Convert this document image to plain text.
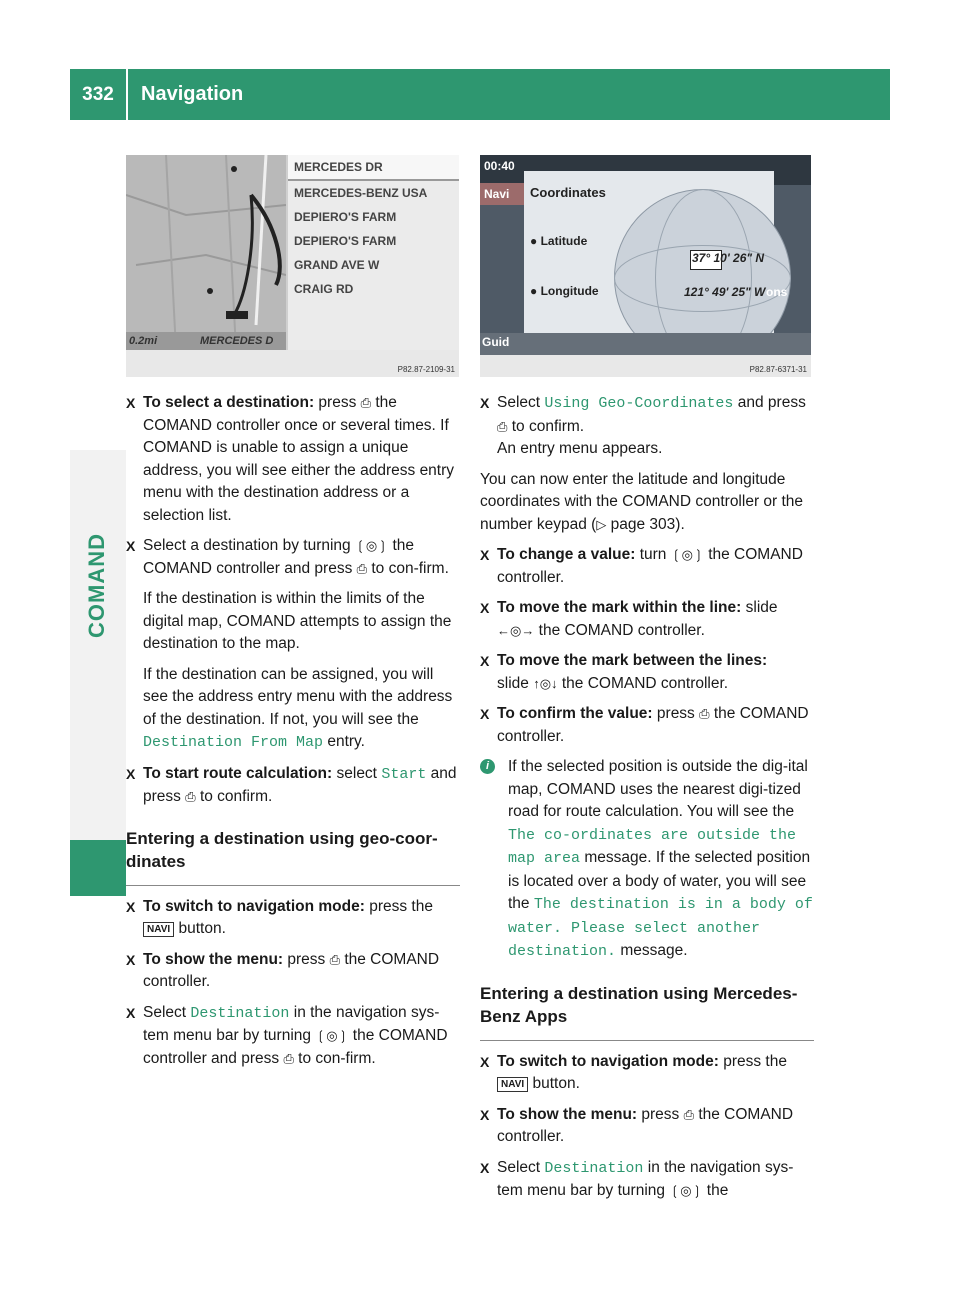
332	Navigation
COMAND
0.2mi	MERCEDES D
MERCEDES DR
MERCEDES-BENZ USA
DEPIERO'S FARM
DEPIERO'S FARM
GRAND AVE W
CRAIG RD
P82.87-2109-31
00:40
Navi	Coordinates
● Latitude
37° 10' 26" N
● Longitude	121° 49' 25" W ons
Guid
P82.87-6371-31
X To select a destination: press ⎙ the COMAND controller once or several times. If COMAND is unable to assign a unique address, you will see either the address entry menu with the destination address or a selection list.
X Select a destination by turning ❲◎❳ the COMAND controller and press ⎙ to con-firm.

If the destination is within the limits of the digital map, COMAND attempts to assign the destination to the map.

If the destination can be assigned, you will see the address entry menu with the address of the destination. If not, you will see the Destination From Map entry.

X To start route calculation: select Start and press ⎙ to confirm.
Entering a destination using geo-coor-dinates
X To switch to navigation mode: press the
NAVI button.
X To show the menu: press ⎙ the COMAND controller.
X Select Destination in the navigation sys-tem menu bar by turning ❲◎❳ the COMAND controller and press ⎙ to con-firm.
X Select Using Geo-Coordinates and press ⎙ to confirm.
An entry menu appears.

You can now enter the latitude and longitude coordinates with the COMAND controller or the number keypad (▷ page 303).

X To change a value: turn ❲◎❳ the COMAND controller.
X To move the mark within the line: slide ←◎→ the COMAND controller.
X To move the mark between the lines:
slide ↑◎↓ the COMAND controller.
X To confirm the value: press ⎙ the COMAND controller.
i	If the selected position is outside the dig-ital map, COMAND uses the nearest digi-tized road for route calculation. You will see the The co-ordinates are outside the map area message. If the selected position is located over a body of water, you will see the The destination is in a body of water. Please select another destination. message.
Entering a destination using Mercedes-Benz Apps
X To switch to navigation mode: press the
NAVI button.
X To show the menu: press ⎙ the COMAND controller.
X Select Destination in the navigation sys-tem menu bar by turning ❲◎❳ the
